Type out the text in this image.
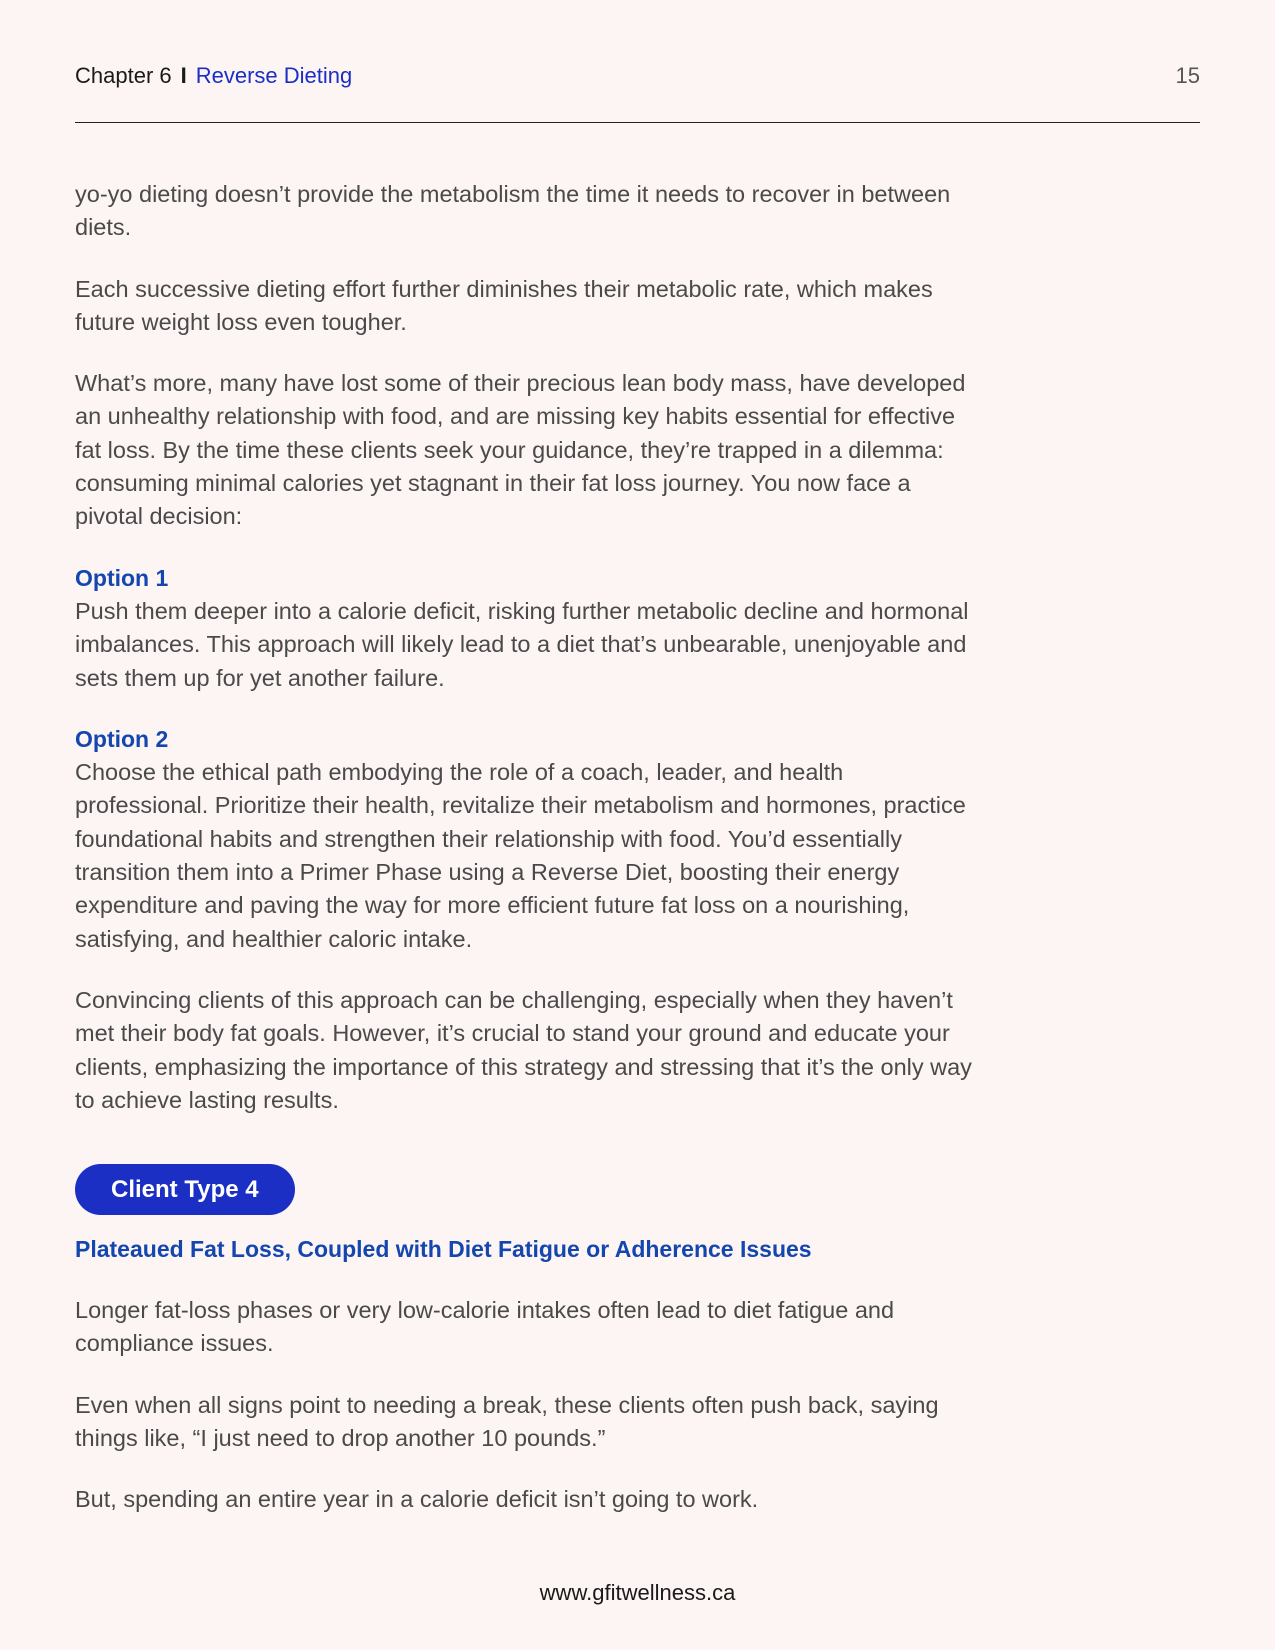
Chapter 6 I Reverse Dieting	15

yo-yo dieting doesn’t provide the metabolism the time it needs to recover in between diets.

Each successive dieting effort further diminishes their metabolic rate, which makes future weight loss even tougher.

What’s more, many have lost some of their precious lean body mass, have developed an unhealthy relationship with food, and are missing key habits essential for effective fat loss. By the time these clients seek your guidance, they’re trapped in a dilemma: consuming minimal calories yet stagnant in their fat loss journey. You now face a pivotal decision:

Option 1

Push them deeper into a calorie deficit, risking further metabolic decline and hormonal imbalances. This approach will likely lead to a diet that’s unbearable, unenjoyable and sets them up for yet another failure.

Option 2

Choose the ethical path embodying the role of a coach, leader, and health professional. Prioritize their health, revitalize their metabolism and hormones, practice foundational habits and strengthen their relationship with food. You’d essentially transition them into a Primer Phase using a Reverse Diet, boosting their energy expenditure and paving the way for more efficient future fat loss on a nourishing, satisfying, and healthier caloric intake.

Convincing clients of this approach can be challenging, especially when they haven’t met their body fat goals. However, it’s crucial to stand your ground and educate your clients, emphasizing the importance of this strategy and stressing that it’s the only way to achieve lasting results.

Client Type 4
Plateaued Fat Loss, Coupled with Diet Fatigue or Adherence Issues

Longer fat-loss phases or very low-calorie intakes often lead to diet fatigue and compliance issues.

Even when all signs point to needing a break, these clients often push back, saying things like, “I just need to drop another 10 pounds.”

But, spending an entire year in a calorie deficit isn’t going to work.

www.gfitwellness.ca
